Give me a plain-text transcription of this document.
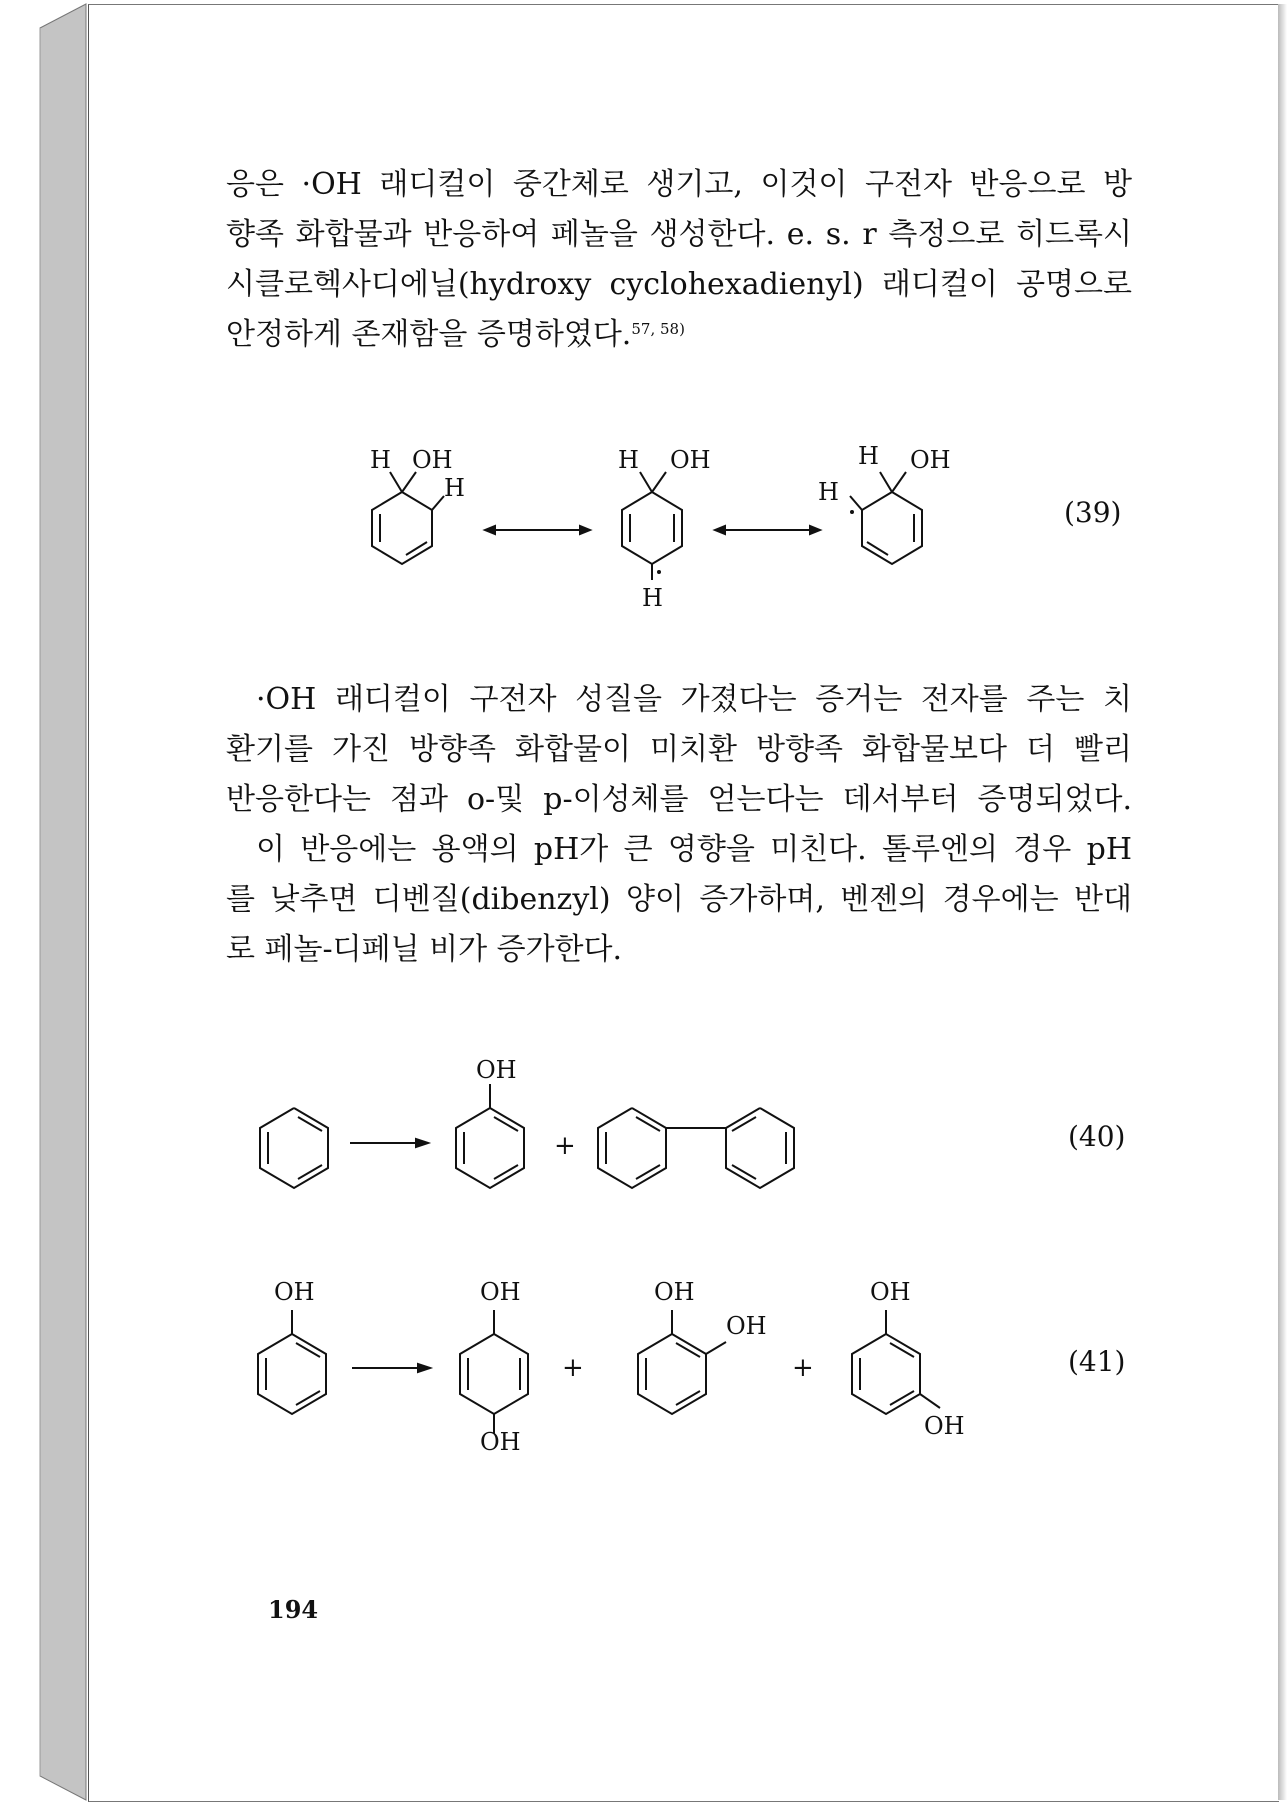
응은 ·OH 래디컬이 중간체로 생기고, 이것이 구전자 반응으로 방
향족 화합물과 반응하여 페놀을 생성한다. e. s. r 측정으로 히드록시
시클로헥사디에닐(hydroxy cyclohexadienyl) 래디컬이 공명으로
안정하게 존재함을 증명하였다.$^{57, 58)}$
H OH
H
H OH
H
H OH
H
(39)
·OH 래디컬이 구전자 성질을 가졌다는 증거는 전자를 주는 치
환기를 가진 방향족 화합물이 미치환 방향족 화합물보다 더 빨리
반응한다는 점과 o-및 p-이성체를 얻는다는 데서부터 증명되었다.
이 반응에는 용액의 pH가 큰 영향을 미친다. 톨루엔의 경우 pH
를 낮추면 디벤질(dibenzyl) 양이 증가하며, 벤젠의 경우에는 반대
로 페놀-디페닐 비가 증가한다.
OH
+	(40)
OH	OH
OH
+
OH
OH
+
OH
OH
(41)
194
